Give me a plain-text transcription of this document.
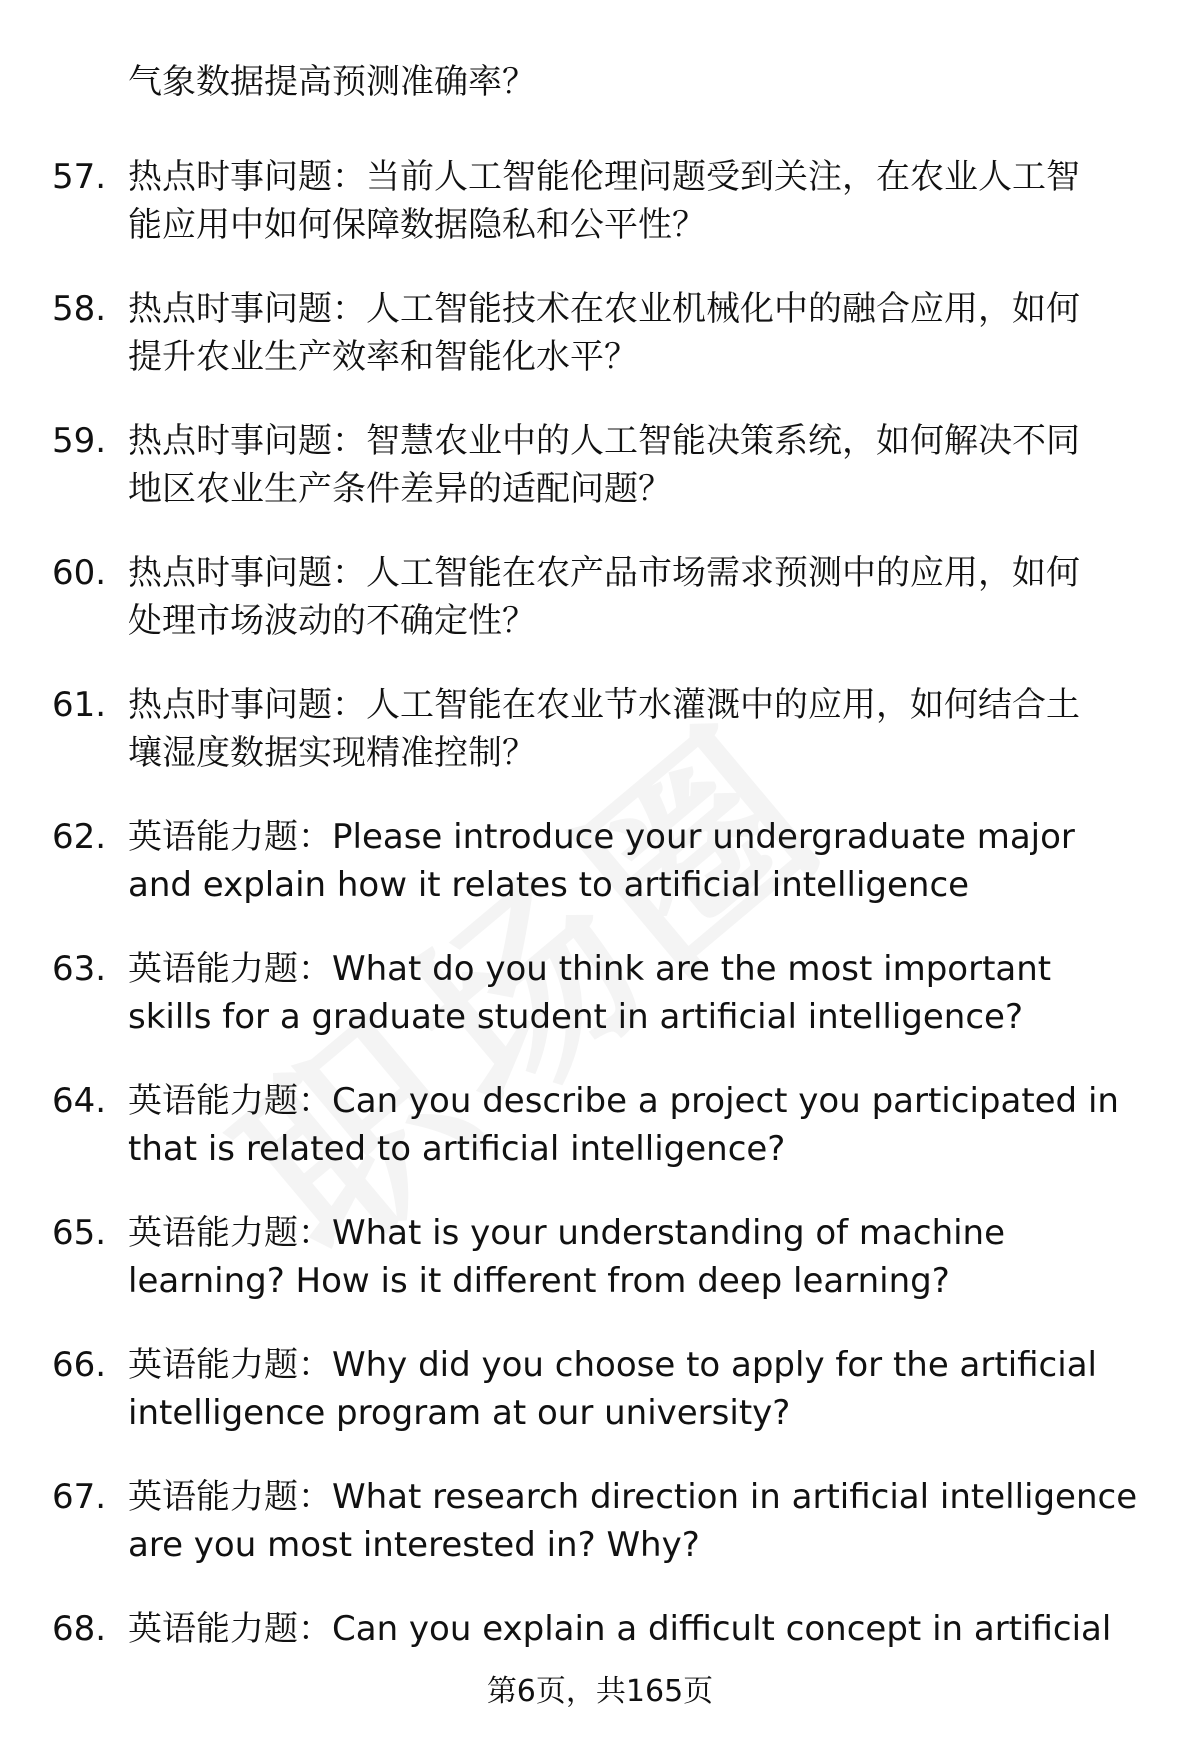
气象数据提高预测准确率？
57. 热点时事问题：当前人工智能伦理问题受到关注，在农业人工智
能应用中如何保障数据隐私和公平性？
58. 热点时事问题：人工智能技术在农业机械化中的融合应用，如何
提升农业生产效率和智能化水平？
59. 热点时事问题：智慧农业中的人工智能决策系统，如何解决不同
地区农业生产条件差异的适配问题？
60. 热点时事问题：人工智能在农产品市场需求预测中的应用，如何
处理市场波动的不确定性？
61. 热点时事问题：人工智能在农业节水灌溉中的应用，如何结合土
壤湿度数据实现精准控制？
62. 英语能力题：Please introduce your undergraduate major
and explain how it relates to artificial intelligence
63. 英语能力题：What do you think are the most important
skills for a graduate student in artificial intelligence?
64. 英语能力题：Can you describe a project you participated in
that is related to artificial intelligence?
65. 英语能力题：What is your understanding of machine
learning? How is it different from deep learning?
66. 英语能力题：Why did you choose to apply for the artificial
intelligence program at our university?
67. 英语能力题：What research direction in artificial intelligence
are you most interested in? Why?
68. 英语能力题：Can you explain a difficult concept in artificial
第6页，共165页
